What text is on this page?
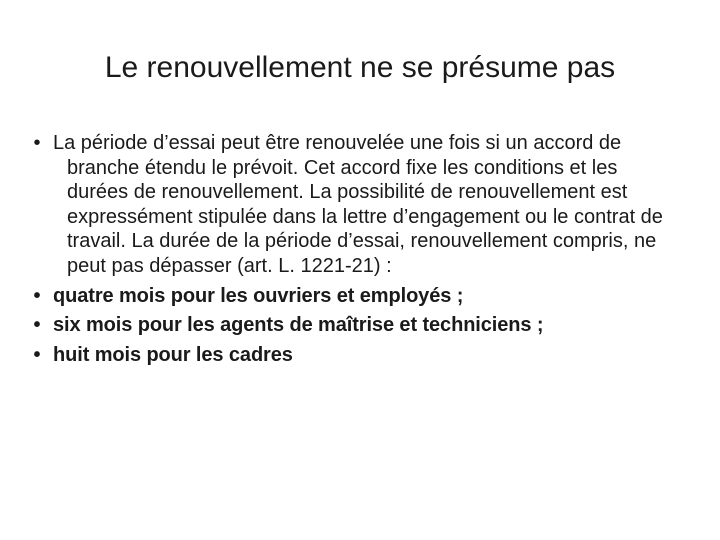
Le renouvellement ne se présume pas
• La période d’essai peut être renouvelée une fois si un accord de branche étendu le prévoit. Cet accord fixe les conditions et les durées de renouvellement. La possibilité de renouvellement est expressément stipulée dans la lettre d’engagement ou le contrat de travail. La durée de la période d’essai, renouvellement compris, ne peut pas dépasser (art. L. 1221-21) :
• quatre mois pour les ouvriers et employés ;
• six mois pour les agents de maîtrise et techniciens ;
• huit mois pour les cadres
